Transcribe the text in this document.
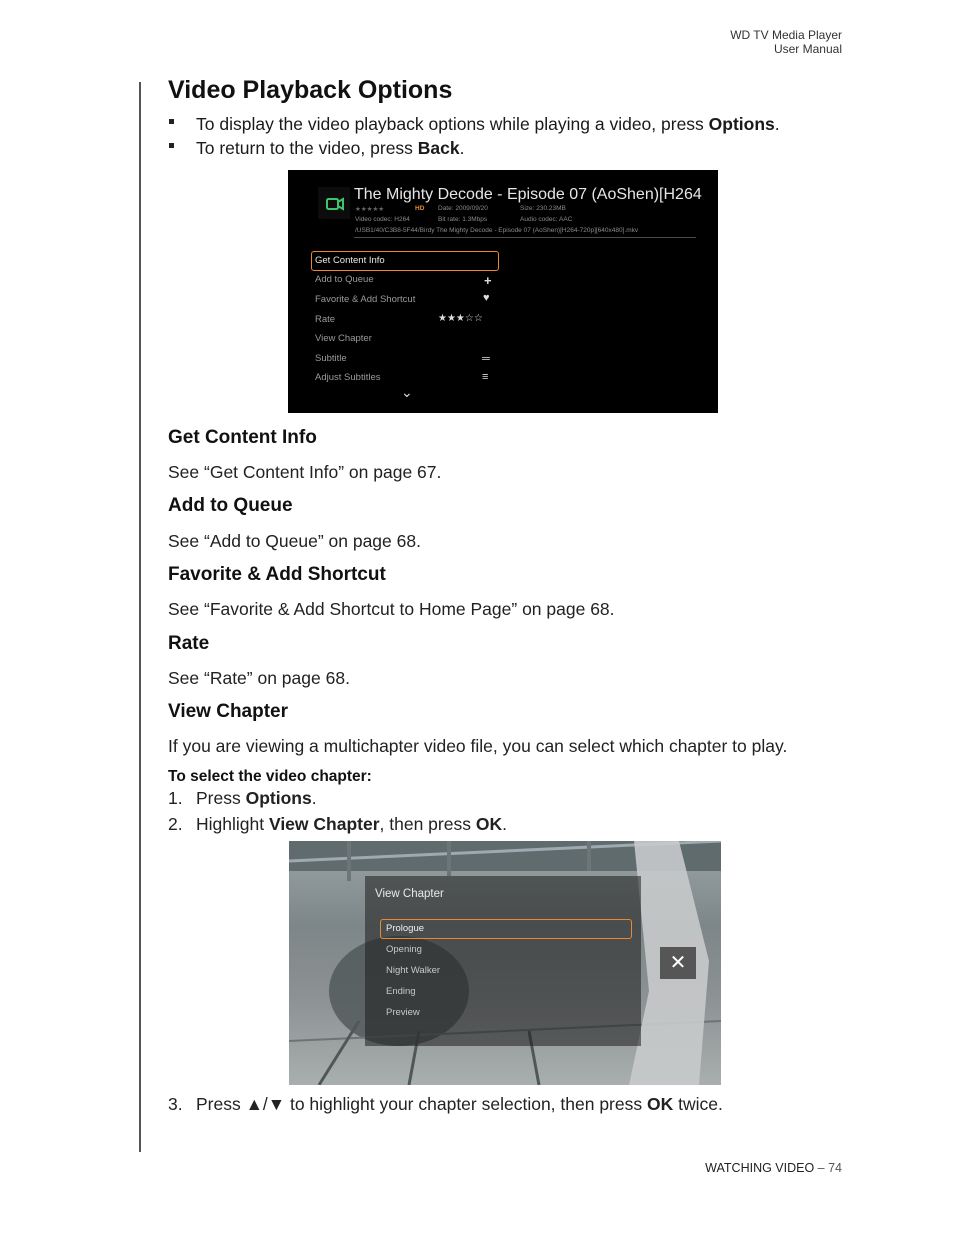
WD TV Media Player
User Manual
Video Playback Options
To display the video playback options while playing a video, press Options.
To return to the video, press Back.
Get Content Info
See “Get Content Info” on page 67.
Add to Queue
See “Add to Queue” on page 68.
Favorite & Add Shortcut
See “Favorite & Add Shortcut to Home Page” on page 68.
Rate
See “Rate” on page 68.
View Chapter
If you are viewing a multichapter video file, you can select which chapter to play.
To select the video chapter:
1. Press Options.
2. Highlight View Chapter, then press OK.
3. Press ▲/▼ to highlight your chapter selection, then press OK twice.
The Mighty Decode - Episode 07 (AoShen)[H264
★★★★★	HD Date: 2009/09/20	Size: 230.23MB
Video codec: H264	Bit rate: 1.3Mbps	Audio codec: AAC
/USB1/40/C3B8-5F44/Birdy The Mighty Decode - Episode 07 (AoShen)[H264-720p][640x480].mkv
Get Content Info
Add to Queue
Favorite & Add Shortcut
Rate
View Chapter
Subtitle
Adjust Subtitles
+
♥
★★★☆☆
═
≡
⌄
View Chapter
Prologue
Opening
Night Walker
Ending
Preview
✕
WATCHING VIDEO – 74
